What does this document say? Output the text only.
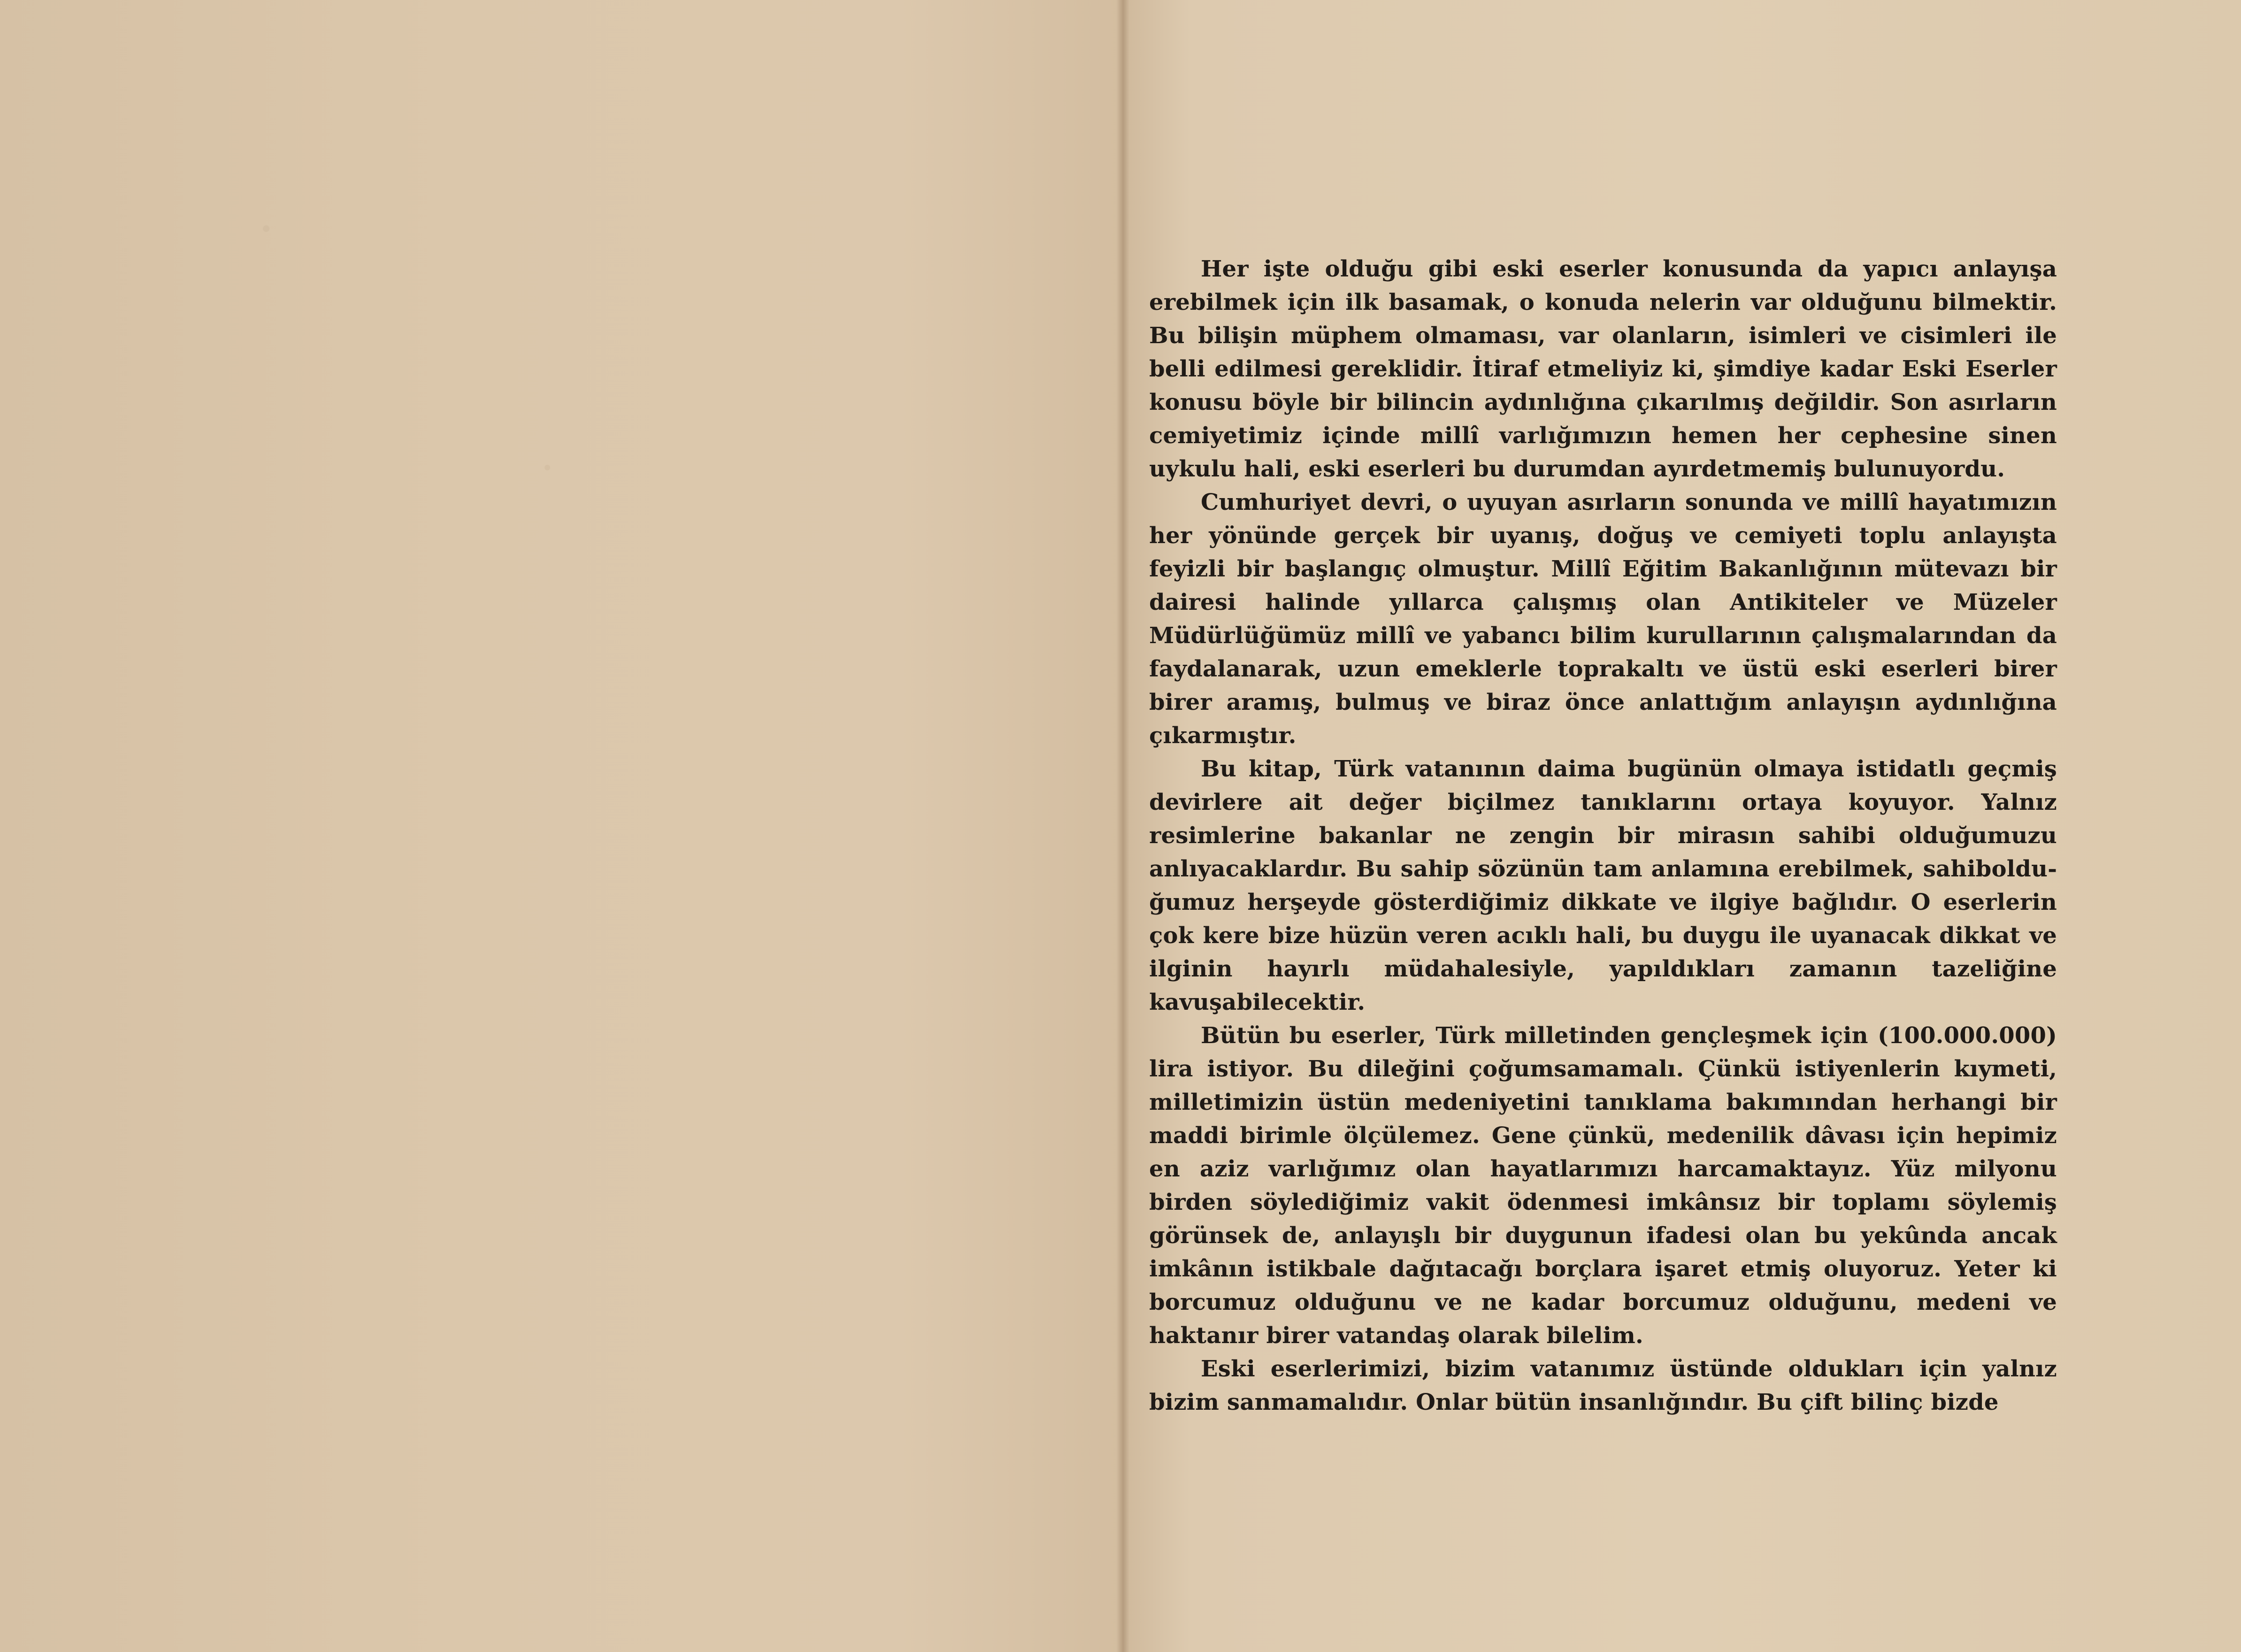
Her işte olduğu gibi eski eserler konusunda da yapıcı anlayışa erebilmek için ilk basamak, o konuda nelerin var olduğunu bilmektir. Bu bilişin müphem olmaması, var olanların, isimleri ve cisimleri ile belli edilmesi gereklidir. İtiraf etmeliyiz ki, şimdiye kadar Eski Eserler konusu böyle bir bilincin aydınlığına çıkarılmış değildir. Son asırların cemiyetimiz içinde millî varlığımızın hemen her cephesine sinen uykulu hali, eski eserleri bu durumdan ayırdetmemiş bulunuyordu.

Cumhuriyet devri, o uyuyan asırların sonunda ve millî hayatımızın her yönünde gerçek bir uyanış, doğuş ve cemiyeti toplu anlayışta feyizli bir başlangıç olmuştur. Millî Eğitim Bakanlığının mütevazı bir dairesi halinde yıllarca çalışmış olan Antikiteler ve Müzeler Müdürlüğümüz millî ve yabancı bilim kurullarının çalışmalarından da faydalanarak, uzun emeklerle toprakaltı ve üstü eski eserleri birer birer aramış, bulmuş ve biraz önce anlattığım anlayışın aydınlığına çıkarmıştır.

Bu kitap, Türk vatanının daima bugünün olmaya istidatlı geçmiş devirlere ait değer biçilmez tanıklarını ortaya koyuyor. Yalnız resimlerine bakanlar ne zengin bir mirasın sahibi olduğumuzu anlıyacaklardır. Bu sahip sözünün tam anlamına erebilmek, sahibolduğumuz herşeyde gösterdiğimiz dikkate ve ilgiye bağlıdır. O eserlerin çok kere bize hüzün veren acıklı hali, bu duygu ile uyanacak dikkat ve ilginin hayırlı müdahalesiyle, yapıldıkları zamanın tazeliğine kavuşabilecektir.

Bütün bu eserler, Türk milletinden gençleşmek için (100.000.000) lira istiyor. Bu dileğini çoğumsamamalı. Çünkü istiyenlerin kıymeti, milletimizin üstün medeniyetini tanıklama bakımından herhangi bir maddi birimle ölçülemez. Gene çünkü, medenilik dâvası için hepimiz en aziz varlığımız olan hayatlarımızı harcamaktayız. Yüz milyonu birden söylediğimiz vakit ödenmesi imkânsız bir toplamı söylemiş görünsek de, anlayışlı bir duygunun ifadesi olan bu yekûnda ancak imkânın istikbale dağıtacağı borçlara işaret etmiş oluyoruz. Yeter ki borcumuz olduğunu ve ne kadar borcumuz olduğunu, medeni ve haktanır birer vatandaş olarak bilelim.

Eski eserlerimizi, bizim vatanımız üstünde oldukları için yalnız bizim sanmamalıdır. Onlar bütün insanlığındır. Bu çift bilinç bizde
